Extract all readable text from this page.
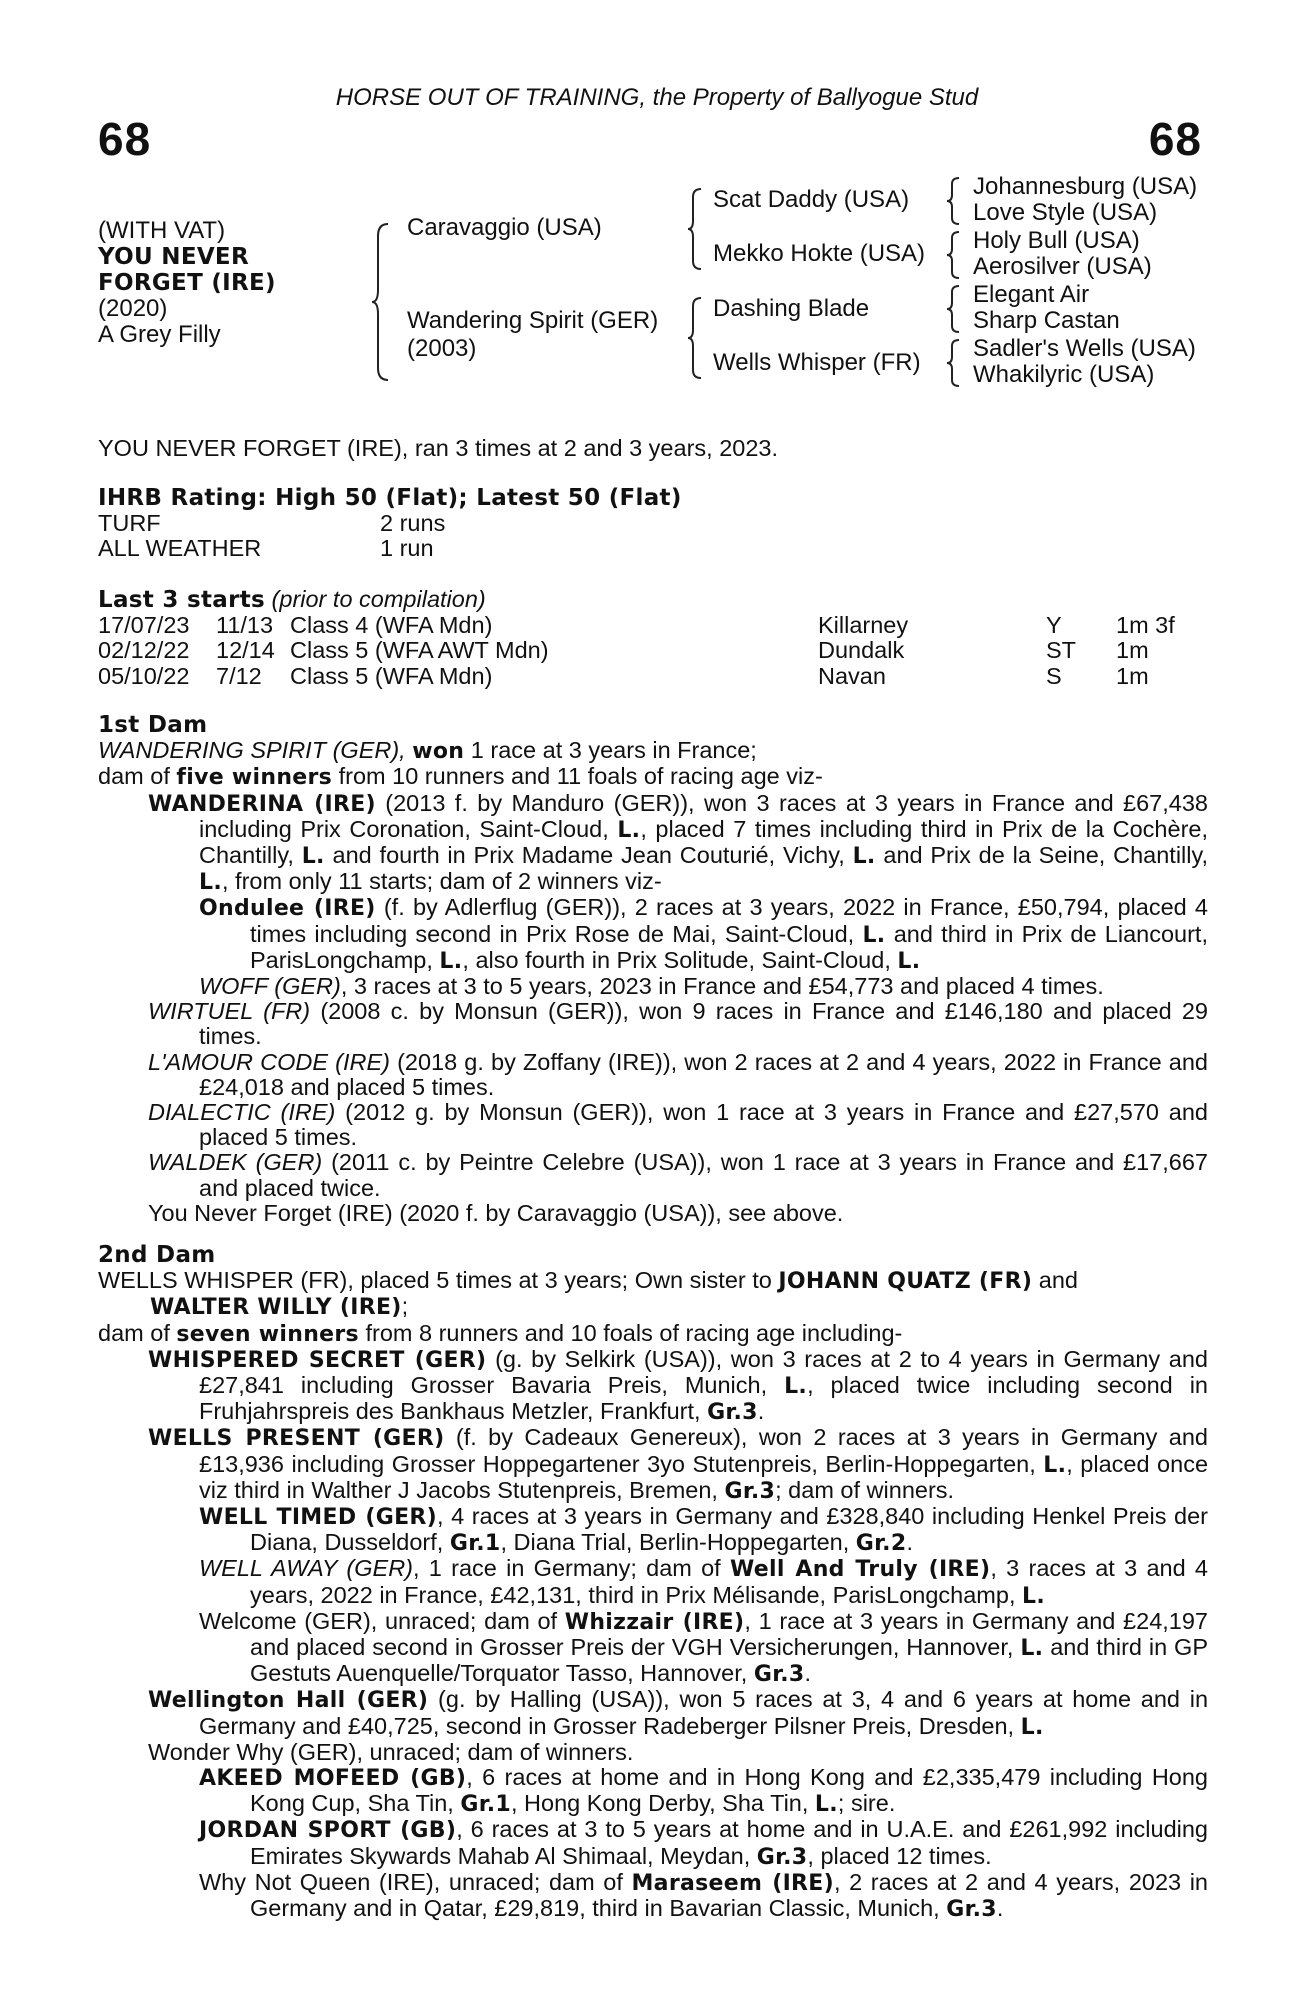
HORSE OUT OF TRAINING, the Property of Ballyogue Stud
68	68
(WITH VAT)
YOU NEVER
FORGET (IRE)
(2020)
A Grey Filly
Caravaggio (USA)
Wandering Spirit (GER)
(2003)
Scat Daddy (USA)
Mekko Hokte (USA)
Dashing Blade
Wells Whisper (FR)
Johannesburg (USA)
Love Style (USA)
Holy Bull (USA)
Aerosilver (USA)
Elegant Air
Sharp Castan
Sadler's Wells (USA)
Whakilyric (USA)
YOU NEVER FORGET (IRE), ran 3 times at 2 and 3 years, 2023.

IHRB Rating: High 50 (Flat); Latest 50 (Flat)

TURF	2 runs
ALL WEATHER	1 run

Last 3 starts (prior to compilation)

17/07/23	11/13 Class 4 (WFA Mdn)	Killarney	Y	1m 3f
02/12/22	12/14 Class 5 (WFA AWT Mdn)	Dundalk	ST	1m
05/10/22	7/12	Class 5 (WFA Mdn)	Navan	S	1m

1st Dam

WANDERING SPIRIT (GER), won 1 race at 3 years in France;

dam of five winners from 10 runners and 11 foals of racing age viz-

WANDERINA (IRE) (2013 f. by Manduro (GER)), won 3 races at 3 years in France and £67,438 including Prix Coronation, Saint-Cloud, L., placed 7 times including third in Prix de la Cochère, Chantilly, L. and fourth in Prix Madame Jean Couturié, Vichy, L. and Prix de la Seine, Chantilly, L., from only 11 starts; dam of 2 winners viz-

Ondulee (IRE) (f. by Adlerflug (GER)), 2 races at 3 years, 2022 in France, £50,794, placed 4 times including second in Prix Rose de Mai, Saint-Cloud, L. and third in Prix de Liancourt, ParisLongchamp, L., also fourth in Prix Solitude, Saint-Cloud, L.

WOFF (GER), 3 races at 3 to 5 years, 2023 in France and £54,773 and placed 4 times.

WIRTUEL (FR) (2008 c. by Monsun (GER)), won 9 races in France and £146,180 and placed 29 times.

L'AMOUR CODE (IRE) (2018 g. by Zoffany (IRE)), won 2 races at 2 and 4 years, 2022 in France and £24,018 and placed 5 times.

DIALECTIC (IRE) (2012 g. by Monsun (GER)), won 1 race at 3 years in France and £27,570 and placed 5 times.

WALDEK (GER) (2011 c. by Peintre Celebre (USA)), won 1 race at 3 years in France and £17,667 and placed twice.

You Never Forget (IRE) (2020 f. by Caravaggio (USA)), see above.

2nd Dam

WELLS WHISPER (FR), placed 5 times at 3 years; Own sister to JOHANN QUATZ (FR) and

WALTER WILLY (IRE);

dam of seven winners from 8 runners and 10 foals of racing age including-

WHISPERED SECRET (GER) (g. by Selkirk (USA)), won 3 races at 2 to 4 years in Germany and £27,841 including Grosser Bavaria Preis, Munich, L., placed twice including second in Fruhjahrspreis des Bankhaus Metzler, Frankfurt, Gr.3.

WELLS PRESENT (GER) (f. by Cadeaux Genereux), won 2 races at 3 years in Germany and £13,936 including Grosser Hoppegartener 3yo Stutenpreis, Berlin-Hoppegarten, L., placed once viz third in Walther J Jacobs Stutenpreis, Bremen, Gr.3; dam of winners.

WELL TIMED (GER), 4 races at 3 years in Germany and £328,840 including Henkel Preis der Diana, Dusseldorf, Gr.1, Diana Trial, Berlin-Hoppegarten, Gr.2.

WELL AWAY (GER), 1 race in Germany; dam of Well And Truly (IRE), 3 races at 3 and 4 years, 2022 in France, £42,131, third in Prix Mélisande, ParisLongchamp, L.

Welcome (GER), unraced; dam of Whizzair (IRE), 1 race at 3 years in Germany and £24,197 and placed second in Grosser Preis der VGH Versicherungen, Hannover, L. and third in GP Gestuts Auenquelle/Torquator Tasso, Hannover, Gr.3.

Wellington Hall (GER) (g. by Halling (USA)), won 5 races at 3, 4 and 6 years at home and in Germany and £40,725, second in Grosser Radeberger Pilsner Preis, Dresden, L.

Wonder Why (GER), unraced; dam of winners.

AKEED MOFEED (GB), 6 races at home and in Hong Kong and £2,335,479 including Hong Kong Cup, Sha Tin, Gr.1, Hong Kong Derby, Sha Tin, L.; sire.

JORDAN SPORT (GB), 6 races at 3 to 5 years at home and in U.A.E. and £261,992 including Emirates Skywards Mahab Al Shimaal, Meydan, Gr.3, placed 12 times.

Why Not Queen (IRE), unraced; dam of Maraseem (IRE), 2 races at 2 and 4 years, 2023 in Germany and in Qatar, £29,819, third in Bavarian Classic, Munich, Gr.3.
